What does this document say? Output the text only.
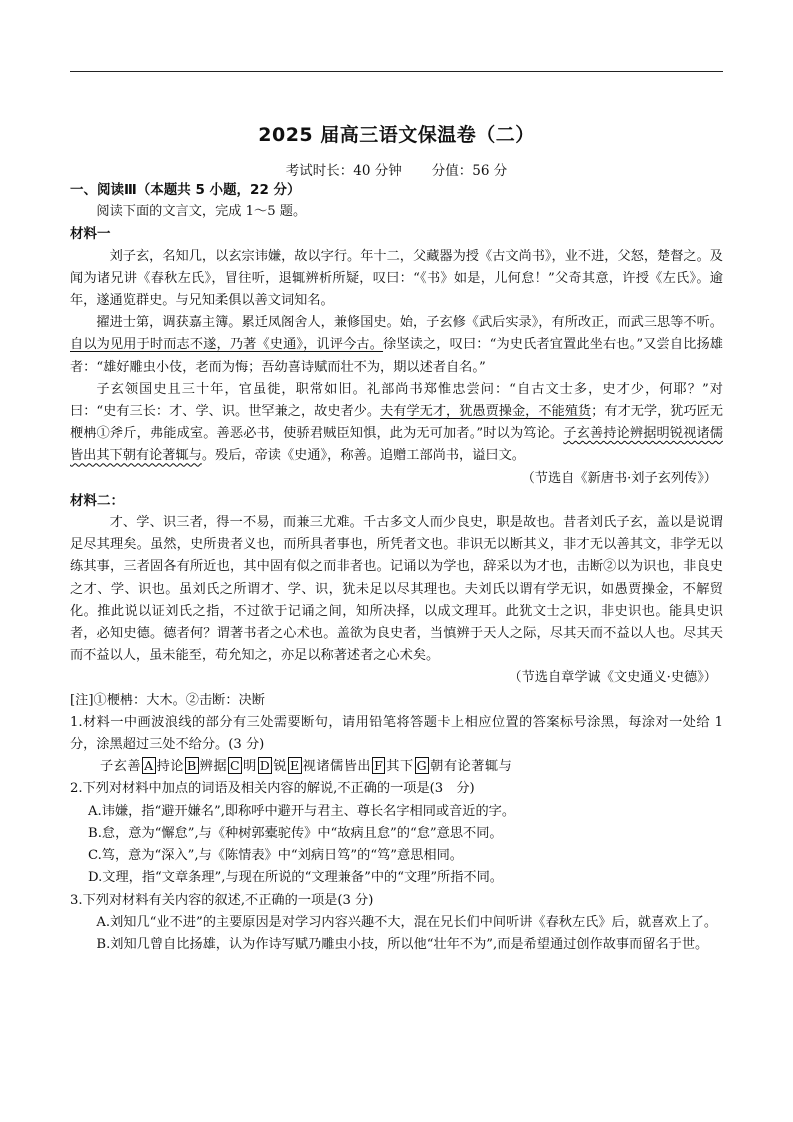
2025 届高三语文保温卷（二）
考试时长：40 分钟 分值：56 分

一、阅读Ⅲ（本题共 5 小题，22 分）

阅读下面的文言文，完成 1～5 题。

材料一

刘子玄，名知几，以玄宗讳嫌，故以字行。年十二，父藏器为授《古文尚书》，业不进，父怒，楚督之。及闻为诸兄讲《春秋左氏》，冒往听，退辄辨析所疑，叹曰：“《书》如是，儿何怠！”父奇其意，许授《左氏》。逾年，遂通览群史。与兄知柔俱以善文词知名。

擢进士第，调获嘉主簿。累迁凤阁舍人，兼修国史。始，子玄修《武后实录》，有所改正，而武三思等不听。自以为见用于时而志不遂，乃著《史通》，讥评今古。徐坚读之，叹曰：“为史氏者宜置此坐右也。”又尝自比扬雄者：“雄好雕虫小伎，老而为悔；吾幼喜诗赋而壮不为，期以述者自名。”

子玄领国史且三十年，官虽徙，职常如旧。礼部尚书郑惟忠尝问：“自古文士多，史才少，何耶？”对曰：“史有三长：才、学、识。世罕兼之，故史者少。夫有学无才，犹愚贾操金，不能殖货；有才无学，犹巧匠无楩柟①斧斤，弗能成室。善恶必书，使骄君贼臣知惧，此为无可加者。”时以为笃论。子玄善持论辨据明锐视诸儒皆出其下朝有论著辄与。殁后，帝读《史通》，称善。追赠工部尚书，谥曰文。

（节选自《新唐书·刘子玄列传》）

材料二：

才、学、识三者，得一不易，而兼三尤难。千古多文人而少良史，职是故也。昔者刘氏子玄，盖以是说谓足尽其理矣。虽然，史所贵者义也，而所具者事也，所凭者文也。非识无以断其义，非才无以善其文，非学无以练其事，三者固各有所近也，其中固有似之而非者也。记诵以为学也，辞采以为才也，击断②以为识也，非良史之才、学、识也。虽刘氏之所谓才、学、识，犹未足以尽其理也。夫刘氏以谓有学无识，如愚贾操金，不解贸化。推此说以证刘氏之指，不过欲于记诵之间，知所决择，以成文理耳。此犹文士之识，非史识也。能具史识者，必知史德。德者何？谓著书者之心术也。盖欲为良史者，当慎辨于天人之际，尽其天而不益以人也。尽其天而不益以人，虽未能至，苟允知之，亦足以称著述者之心术矣。

（节选自章学诚《文史通义·史德》）

[注]①楩柟：大木。②击断：决断

1.材料一中画波浪线的部分有三处需要断句，请用铅笔将答题卡上相应位置的答案标号涂黑，每涂对一处给 1 分，涂黑超过三处不给分。(3 分)

子玄善 A 持论 B 辨据 C 明 D 锐 E 视诸儒皆出 F 其下 G 朝有论著辄与

2.下列对材料中加点的词语及相关内容的解说,不正确的一项是(3　分)

A.讳嫌，指“避开嫌名”,即称呼中避开与君主、尊长名字相同或音近的字。

B.怠，意为“懈怠”,与《种树郭橐驼传》中“故病且怠”的“怠”意思不同。

C.笃，意为“深入”,与《陈情表》中“刘病日笃”的“笃”意思相同。

D.文理，指“文章条理”,与现在所说的“文理兼备”中的“文理”所指不同。

3.下列对材料有关内容的叙述,不正确的一项是(3 分)

A.刘知几“业不进”的主要原因是对学习内容兴趣不大，混在兄长们中间听讲《春秋左氏》后，就喜欢上了。

B.刘知几曾自比扬雄，认为作诗写赋乃雕虫小技，所以他“壮年不为”,而是希望通过创作故事而留名于世。
